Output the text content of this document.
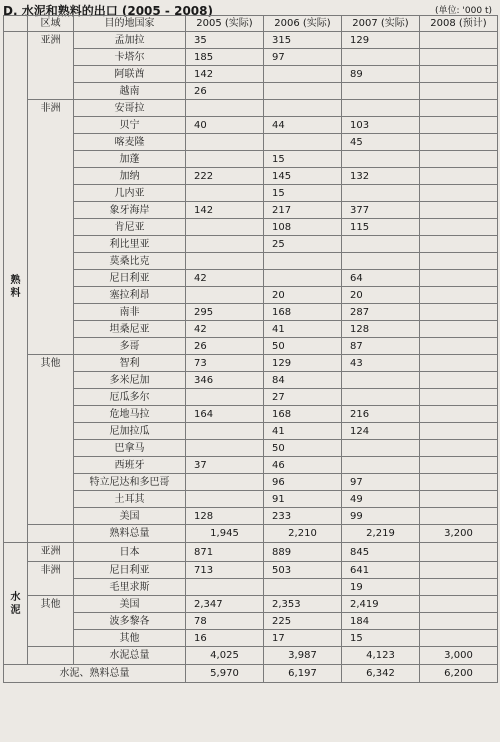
D. 水泥和熟料的出口 (2005 - 2008)	(单位: '000 t)
	区域	目的地国家	2005 (实际)	2006 (实际)	2007 (实际)	2008 (预计)
熟
料	亚洲	孟加拉	35	315	129	
		卡塔尔	185	97		
		阿联酋	142		89	
		越南	26			
	非洲	安哥拉				
		贝宁	40	44	103	
		喀麦隆			45	
		加蓬		15		
		加纳	222	145	132	
		几内亚		15		
		象牙海岸	142	217	377	
		肯尼亚		108	115	
		利比里亚		25		
		莫桑比克				
		尼日利亚	42		64	
		塞拉利昂		20	20	
		南非	295	168	287	
		坦桑尼亚	42	41	128	
		多哥	26	50	87	
	其他	智利	73	129	43	
		多米尼加	346	84		
		厄瓜多尔		27		
		危地马拉	164	168	216	
		尼加拉瓜		41	124	
		巴拿马		50		
		西班牙	37	46		
		特立尼达和多巴哥		96	97	
		土耳其		91	49	
		美国	128	233	99	
		熟料总量	1,945	2,210	2,219	3,200
水
泥	亚洲	日本	871	889	845	
	非洲	尼日利亚	713	503	641	
		毛里求斯			19	
	其他	美国	2,347	2,353	2,419	
		波多黎各	78	225	184	
		其他	16	17	15	
		水泥总量	4,025	3,987	4,123	3,000
水泥、熟料总量			5,970	6,197	6,342	6,200
